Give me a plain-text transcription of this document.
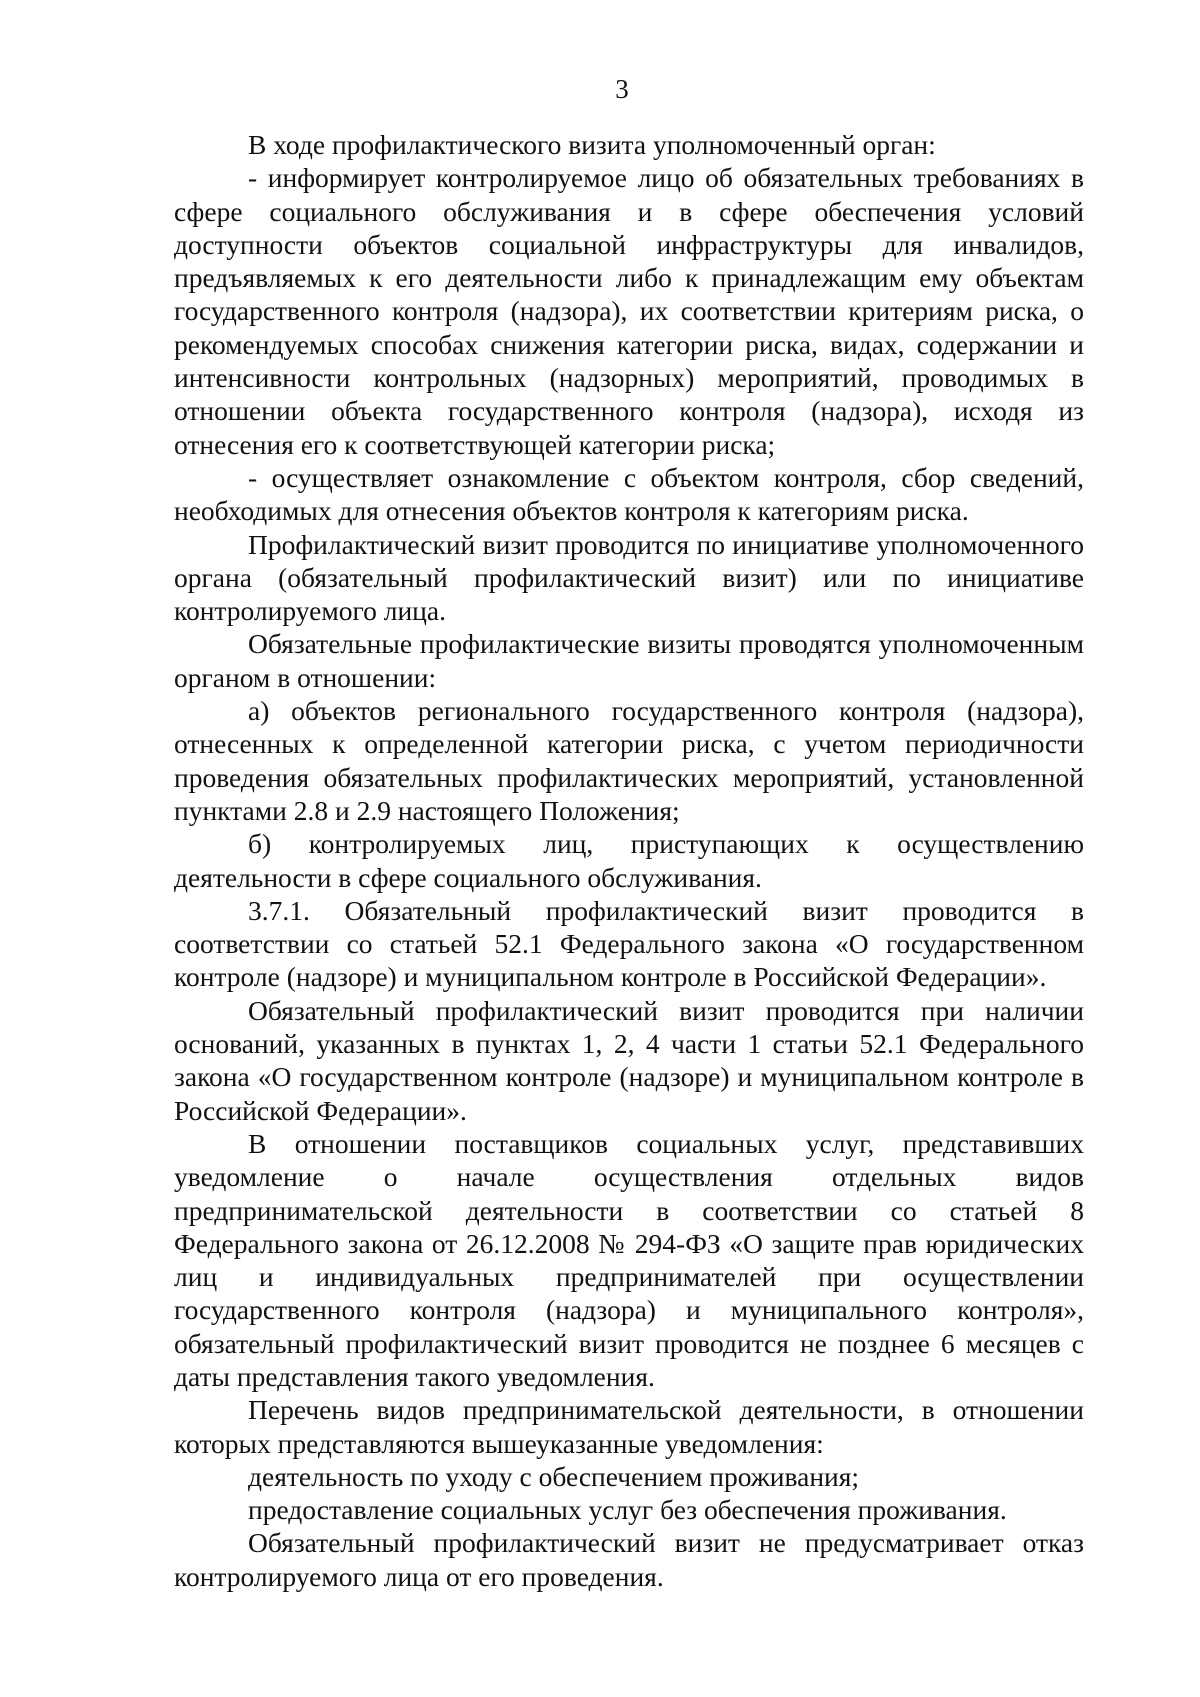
3

В ходе профилактического визита уполномоченный орган:

- информирует контролируемое лицо об обязательных требованиях в сфере социального обслуживания и в сфере обеспечения условий доступности объектов социальной инфраструктуры для инвалидов, предъявляемых к его деятельности либо к принадлежащим ему объектам государственного контроля (надзора), их соответствии критериям риска, о рекомендуемых способах снижения категории риска, видах, содержании и интенсивности контрольных (надзорных) мероприятий, проводимых в отношении объекта государственного контроля (надзора), исходя из отнесения его к соответствующей категории риска;

- осуществляет ознакомление с объектом контроля, сбор сведений, необходимых для отнесения объектов контроля к категориям риска.

Профилактический визит проводится по инициативе уполномоченного органа (обязательный профилактический визит) или по инициативе контролируемого лица.

Обязательные профилактические визиты проводятся уполномоченным органом в отношении:

а) объектов регионального государственного контроля (надзора), отнесенных к определенной категории риска, с учетом периодичности проведения обязательных профилактических мероприятий, установленной пунктами 2.8 и 2.9 настоящего Положения;

б) контролируемых лиц, приступающих к осуществлению деятельности в сфере социального обслуживания.

3.7.1. Обязательный профилактический визит проводится в соответствии со статьей 52.1 Федерального закона «О государственном контроле (надзоре) и муниципальном контроле в Российской Федерации».

Обязательный профилактический визит проводится при наличии оснований, указанных в пунктах 1, 2, 4 части 1 статьи 52.1 Федерального закона «О государственном контроле (надзоре) и муниципальном контроле в Российской Федерации».

В отношении поставщиков социальных услуг, представивших уведомление о начале осуществления отдельных видов предпринимательской деятельности в соответствии со статьей 8 Федерального закона от 26.12.2008 № 294-ФЗ «О защите прав юридических лиц и индивидуальных предпринимателей при осуществлении государственного контроля (надзора) и муниципального контроля», обязательный профилактический визит проводится не позднее 6 месяцев с даты представления такого уведомления.

Перечень видов предпринимательской деятельности, в отношении которых представляются вышеуказанные уведомления:

деятельность по уходу с обеспечением проживания;

предоставление социальных услуг без обеспечения проживания.

Обязательный профилактический визит не предусматривает отказ контролируемого лица от его проведения.
